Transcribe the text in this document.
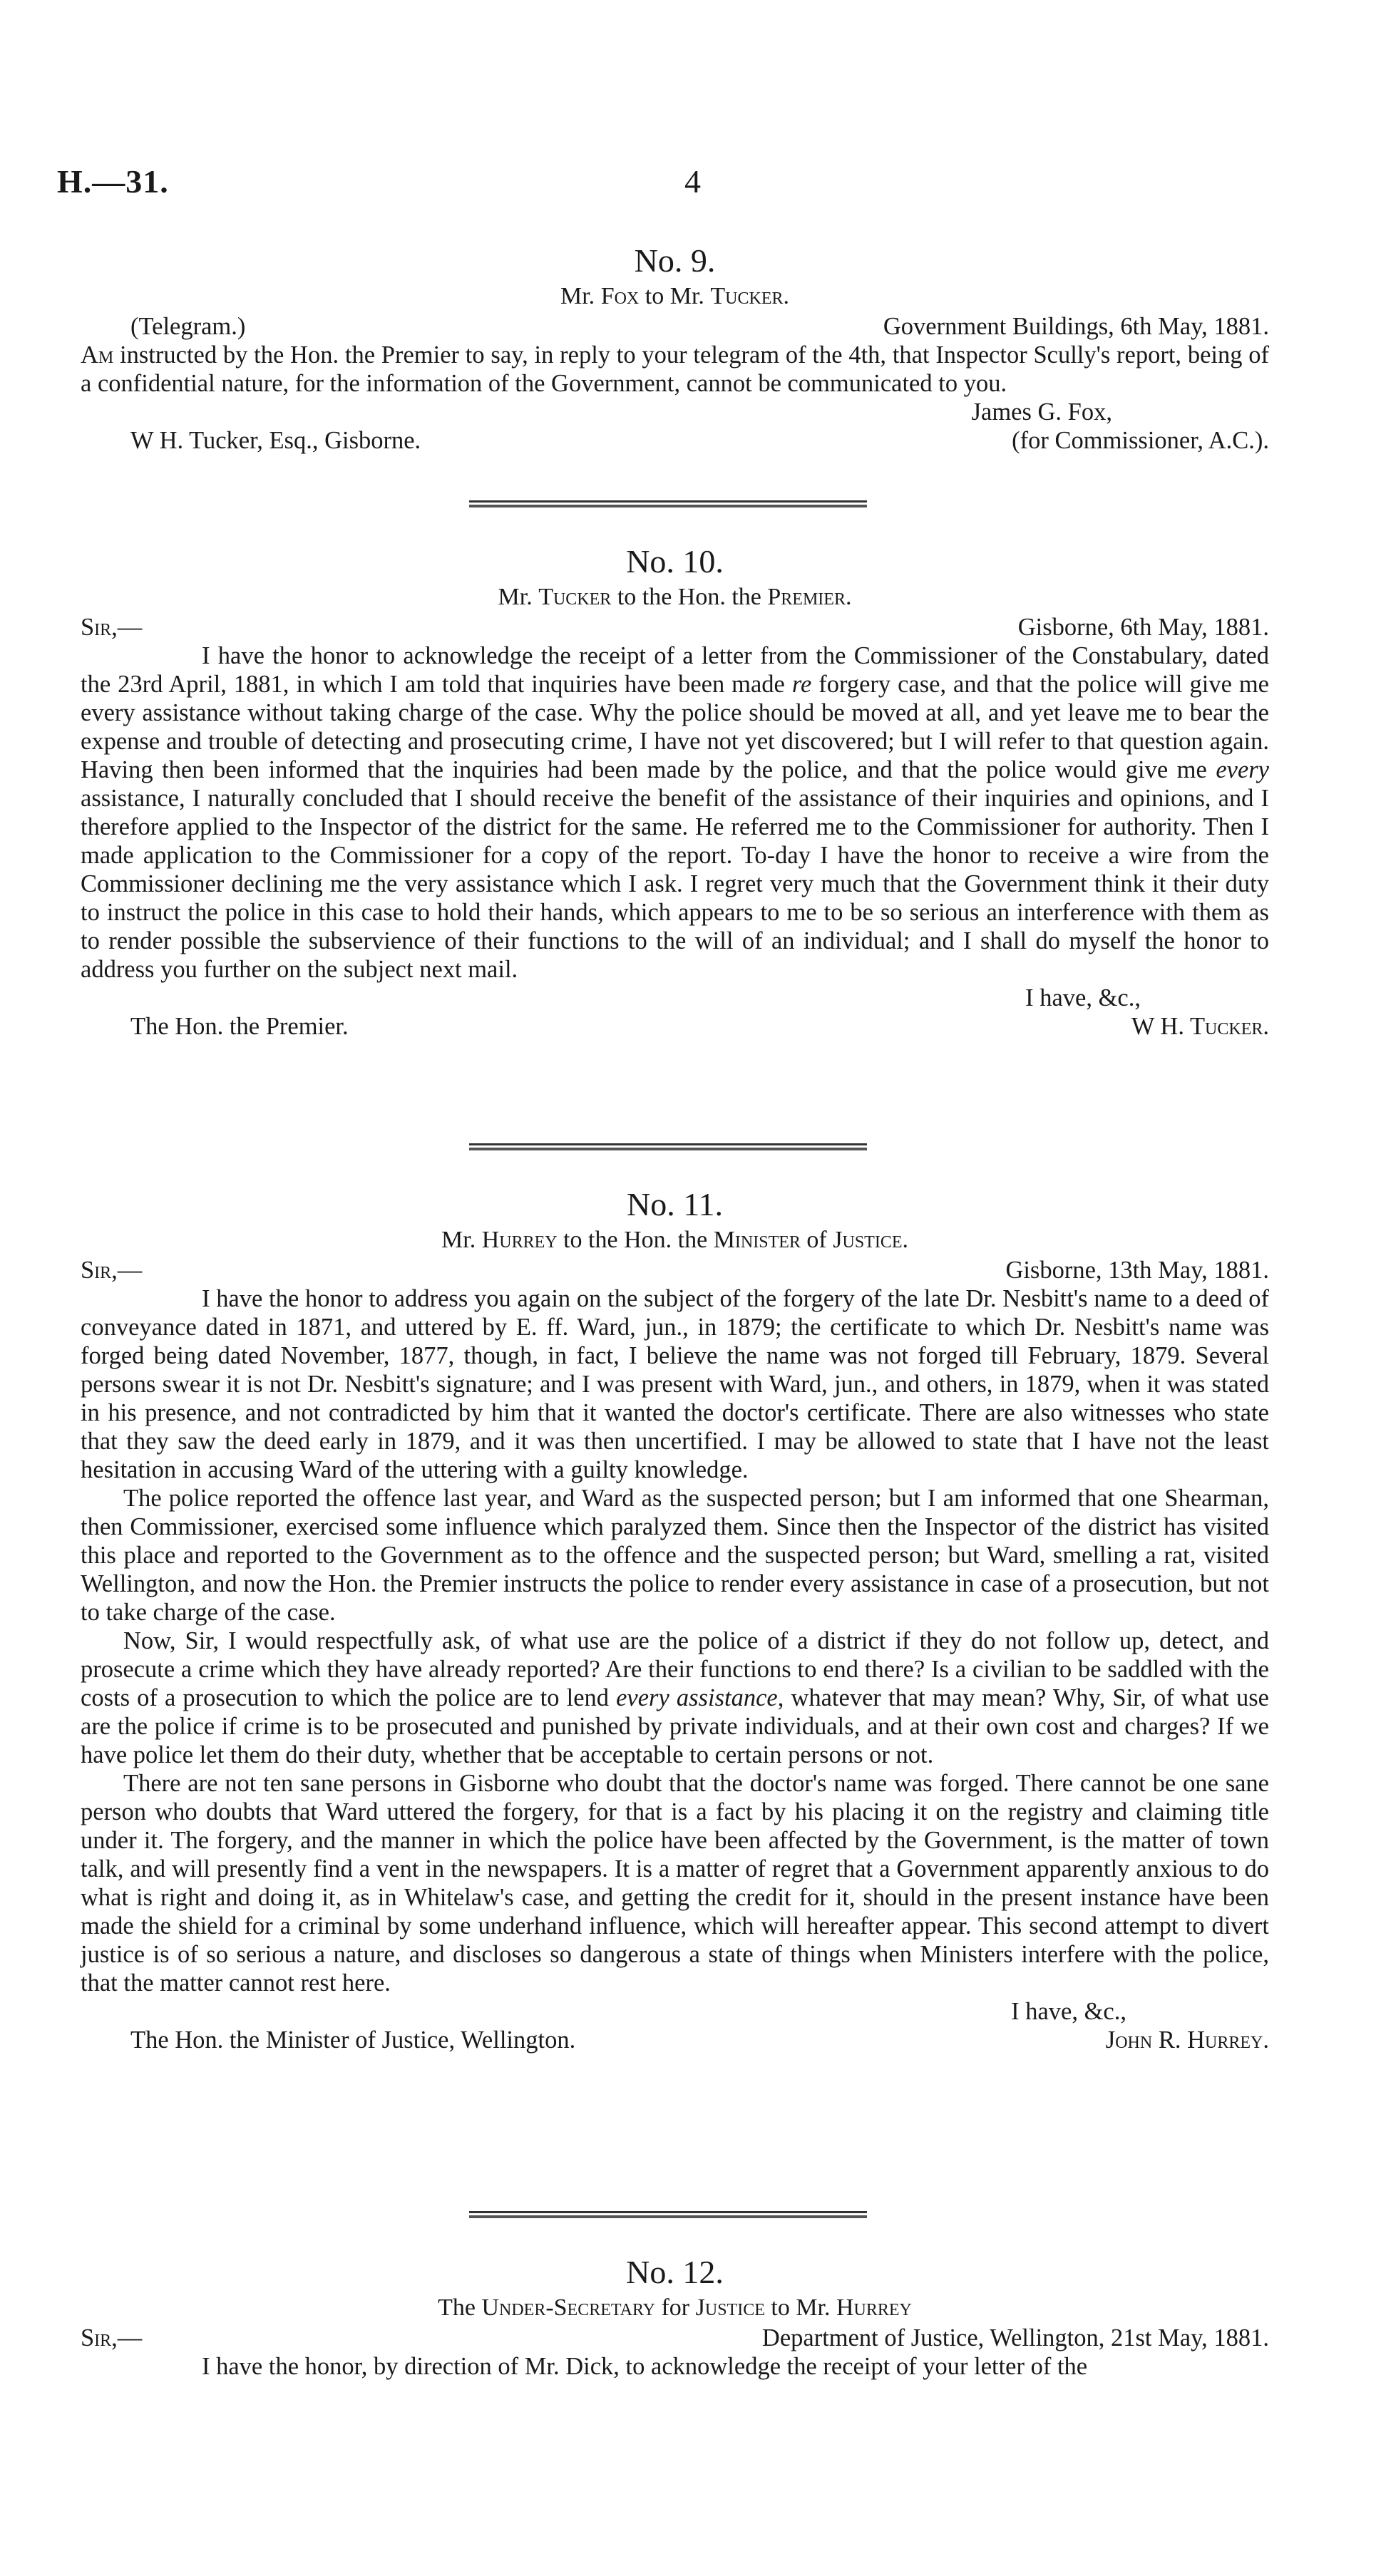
H.—31.	4

No. 9.

Mr. Fox to Mr. Tucker.

(Telegram.)	Government Buildings, 6th May, 1881.

Am instructed by the Hon. the Premier to say, in reply to your telegram of the 4th, that Inspector Scully's report, being of a confidential nature, for the information of the Government, cannot be communicated to you.

James G. Fox,
W H. Tucker, Esq., Gisborne.	(for Commissioner, A.C.).

No. 10.

Mr. Tucker to the Hon. the Premier.

Sir,—	Gisborne, 6th May, 1881.

I have the honor to acknowledge the receipt of a letter from the Commissioner of the Constabulary, dated the 23rd April, 1881, in which I am told that inquiries have been made re forgery case, and that the police will give me every assistance without taking charge of the case. Why the police should be moved at all, and yet leave me to bear the expense and trouble of detecting and prosecuting crime, I have not yet discovered; but I will refer to that question again. Having then been informed that the inquiries had been made by the police, and that the police would give me every assistance, I naturally concluded that I should receive the benefit of the assistance of their inquiries and opinions, and I therefore applied to the Inspector of the district for the same. He referred me to the Commissioner for authority. Then I made application to the Commissioner for a copy of the report. To-day I have the honor to receive a wire from the Commissioner declining me the very assistance which I ask. I regret very much that the Government think it their duty to instruct the police in this case to hold their hands, which appears to me to be so serious an interference with them as to render possible the subservience of their functions to the will of an individual; and I shall do myself the honor to address you further on the subject next mail.

I have, &c.,
The Hon. the Premier.	W H. Tucker.

No. 11.

Mr. Hurrey to the Hon. the Minister of Justice.

Sir,—	Gisborne, 13th May, 1881.

I have the honor to address you again on the subject of the forgery of the late Dr. Nesbitt's name to a deed of conveyance dated in 1871, and uttered by E. ff. Ward, jun., in 1879; the certificate to which Dr. Nesbitt's name was forged being dated November, 1877, though, in fact, I believe the name was not forged till February, 1879. Several persons swear it is not Dr. Nesbitt's signature; and I was present with Ward, jun., and others, in 1879, when it was stated in his presence, and not contradicted by him that it wanted the doctor's certificate. There are also witnesses who state that they saw the deed early in 1879, and it was then uncertified. I may be allowed to state that I have not the least hesitation in accusing Ward of the uttering with a guilty knowledge.

The police reported the offence last year, and Ward as the suspected person; but I am informed that one Shearman, then Commissioner, exercised some influence which paralyzed them. Since then the Inspector of the district has visited this place and reported to the Government as to the offence and the suspected person; but Ward, smelling a rat, visited Wellington, and now the Hon. the Premier instructs the police to render every assistance in case of a prosecution, but not to take charge of the case.

Now, Sir, I would respectfully ask, of what use are the police of a district if they do not follow up, detect, and prosecute a crime which they have already reported? Are their functions to end there? Is a civilian to be saddled with the costs of a prosecution to which the police are to lend every assistance, whatever that may mean? Why, Sir, of what use are the police if crime is to be prosecuted and punished by private individuals, and at their own cost and charges? If we have police let them do their duty, whether that be acceptable to certain persons or not.

There are not ten sane persons in Gisborne who doubt that the doctor's name was forged. There cannot be one sane person who doubts that Ward uttered the forgery, for that is a fact by his placing it on the registry and claiming title under it. The forgery, and the manner in which the police have been affected by the Government, is the matter of town talk, and will presently find a vent in the newspapers. It is a matter of regret that a Government apparently anxious to do what is right and doing it, as in Whitelaw's case, and getting the credit for it, should in the present instance have been made the shield for a criminal by some underhand influence, which will hereafter appear. This second attempt to divert justice is of so serious a nature, and discloses so dangerous a state of things when Ministers interfere with the police, that the matter cannot rest here.

I have, &c.,
The Hon. the Minister of Justice, Wellington.	John R. Hurrey.

No. 12.

The Under-Secretary for Justice to Mr. Hurrey

Sir,—	Department of Justice, Wellington, 21st May, 1881.

I have the honor, by direction of Mr. Dick, to acknowledge the receipt of your letter of the
